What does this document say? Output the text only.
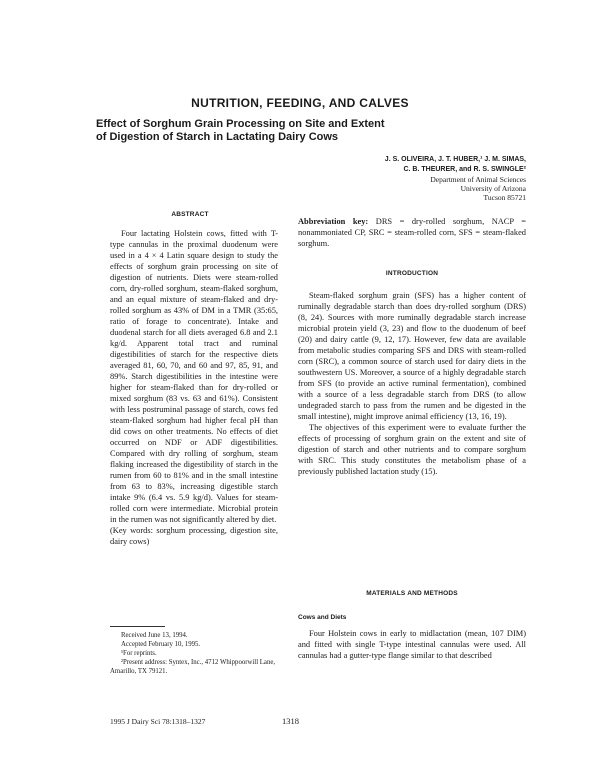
NUTRITION, FEEDING, AND CALVES
Effect of Sorghum Grain Processing on Site and Extent
of Digestion of Starch in Lactating Dairy Cows
J. S. OLIVEIRA, J. T. HUBER,¹ J. M. SIMAS,
C. B. THEURER, and R. S. SWINGLE²
Department of Animal Sciences
University of Arizona
Tucson 85721
ABSTRACT

Four lactating Holstein cows, fitted with T-type cannulas in the proximal duodenum were used in a 4 × 4 Latin square design to study the effects of sorghum grain processing on site of digestion of nutrients. Diets were steam-rolled corn, dry-rolled sorghum, steam-flaked sorghum, and an equal mixture of steam-flaked and dry-rolled sorghum as 43% of DM in a TMR (35:65, ratio of forage to concentrate). Intake and duodenal starch for all diets averaged 6.8 and 2.1 kg/d. Apparent total tract and ruminal digestibilities of starch for the respective diets averaged 81, 60, 70, and 60 and 97, 85, 91, and 89%. Starch digestibilities in the intestine were higher for steam-flaked than for dry-rolled or mixed sorghum (83 vs. 63 and 61%). Consistent with less postruminal passage of starch, cows fed steam-flaked sorghum had higher fecal pH than did cows on other treatments. No effects of diet occurred on NDF or ADF digestibilities. Compared with dry rolling of sorghum, steam flaking increased the digestibility of starch in the rumen from 60 to 81% and in the small intestine from 63 to 83%, increasing digestible starch intake 9% (6.4 vs. 5.9 kg/d). Values for steam-rolled corn were intermediate. Microbial protein in the rumen was not significantly altered by diet.

(Key words: sorghum processing, digestion site, dairy cows)

Abbreviation key: DRS = dry-rolled sorghum, NACP = nonammoniated CP, SRC = steam-rolled corn, SFS = steam-flaked sorghum.

INTRODUCTION

Steam-flaked sorghum grain (SFS) has a higher content of ruminally degradable starch than does dry-rolled sorghum (DRS) (8, 24). Sources with more ruminally degradable starch increase microbial protein yield (3, 23) and flow to the duodenum of beef (20) and dairy cattle (9, 12, 17). However, few data are available from metabolic studies comparing SFS and DRS with steam-rolled corn (SRC), a common source of starch used for dairy diets in the southwestern US. Moreover, a source of a highly degradable starch from SFS (to provide an active ruminal fermentation), combined with a source of a less degradable starch from DRS (to allow undegraded starch to pass from the rumen and be digested in the small intestine), might improve animal efficiency (13, 16, 19).

The objectives of this experiment were to evaluate further the effects of processing of sorghum grain on the extent and site of digestion of starch and other nutrients and to compare sorghum with SRC. This study constitutes the metabolism phase of a previously published lactation study (15).

MATERIALS AND METHODS
Cows and Diets

Four Holstein cows in early to midlactation (mean, 107 DIM) and fitted with single T-type intestinal cannulas were used. All cannulas had a gutter-type flange similar to that described

Received June 13, 1994.
Accepted February 10, 1995.
¹For reprints.
²Present address: Syntex, Inc., 4712 Whippoorwill Lane, Amarillo, TX 79121.
1995 J Dairy Sci 78:1318–1327	1318
